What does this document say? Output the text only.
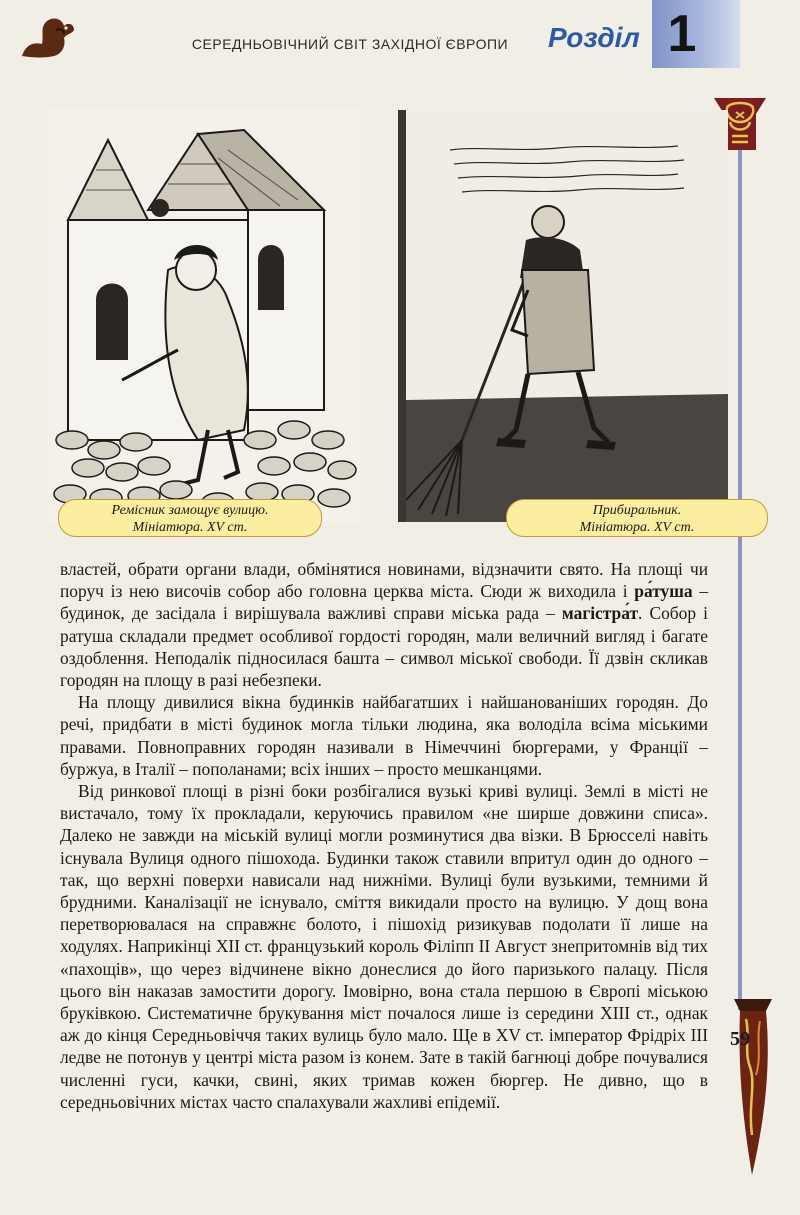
СЕРЕДНЬОВІЧНИЙ СВІТ ЗАХІДНОЇ ЄВРОПИ	Розділ 1
Ремісник замощує вулицю.
Мініатюра. XV ст.
Прибиральник.
Мініатюра. XV ст.

властей, обрати органи влади, обмінятися новинами, відзначити свято. На площі чи поруч із нею височів собор або головна церква міста. Сюди ж виходила і ра́туша – будинок, де засідала і вирішувала важливі справи міська рада – магістра́т. Собор і ратуша складали предмет особливої гордості городян, мали величний вигляд і багате оздоблення. Неподалік підносилася башта – символ міської свободи. Її дзвін скликав городян на площу в разі небезпеки.

На площу дивилися вікна будинків найбагатших і найшанованіших городян. До речі, придбати в місті будинок могла тільки людина, яка володіла всіма міськими правами. Повноправних городян називали в Німеччині бюргерами, у Франції – буржуа, в Італії – пополанами; всіх інших – просто мешканцями.

Від ринкової площі в різні боки розбігалися вузькі криві вулиці. Землі в місті не вистачало, тому їх прокладали, керуючись правилом «не ширше довжини списа». Далеко не завжди на міській вулиці могли розминутися два візки. В Брюсселі навіть існувала Вулиця одного пішохода. Будинки також ставили впритул один до одного – так, що верхні поверхи нависали над нижніми. Вулиці були вузькими, темними й брудними. Каналізації не існувало, сміття викидали просто на вулицю. У дощ вона перетворювалася на справжнє болото, і пішохід ризикував подолати її лише на ходулях. Наприкінці XII ст. французький король Філіпп II Август знепритомнів від тих «пахощів», що через відчинене вікно донеслися до його паризького палацу. Після цього він наказав замостити дорогу. Імовірно, вона стала першою в Європі міською бруківкою. Систематичне брукування міст почалося лише із середини XIII ст., однак аж до кінця Середньовіччя таких вулиць було мало. Ще в XV ст. імператор Фрідріх III ледве не потонув у центрі міста разом із конем. Зате в такій багнюці добре почувалися численні гуси, качки, свині, яких тримав кожен бюргер. Не дивно, що в середньовічних містах часто спалахували жахливі епідемії.

59
